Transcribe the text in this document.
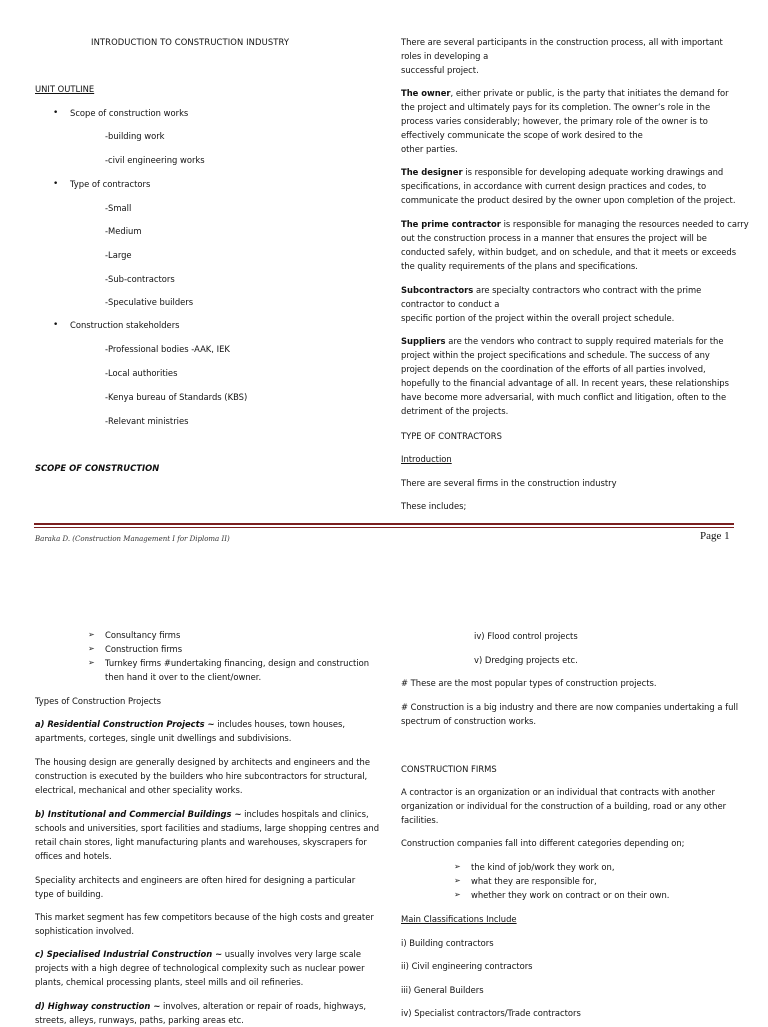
INTRODUCTION TO CONSTRUCTION INDUSTRY
UNIT OUTLINE
• Scope of construction works
-building work
-civil engineering works
• Type of contractors
-Small
-Medium
-Large
-Sub-contractors
-Speculative builders
• Construction stakeholders
-Professional bodies -AAK, IEK
-Local authorities
-Kenya bureau of Standards (KBS)
-Relevant ministries
SCOPE OF CONSTRUCTION

There are several participants in the construction process, all with important

roles in developing a

successful project.

The owner, either private or public, is the party that initiates the demand for

the project and ultimately pays for its completion. The owner’s role in the

process varies considerably; however, the primary role of the owner is to

effectively communicate the scope of work desired to the

other parties.

The designer is responsible for developing adequate working drawings and

specifications, in accordance with current design practices and codes, to

communicate the product desired by the owner upon completion of the project.

The prime contractor is responsible for managing the resources needed to carry

out the construction process in a manner that ensures the project will be

conducted safely, within budget, and on schedule, and that it meets or exceeds

the quality requirements of the plans and specifications.

Subcontractors are specialty contractors who contract with the prime

contractor to conduct a

specific portion of the project within the overall project schedule.

Suppliers are the vendors who contract to supply required materials for the

project within the project specifications and schedule. The success of any

project depends on the coordination of the efforts of all parties involved,

hopefully to the financial advantage of all. In recent years, these relationships

have become more adversarial, with much conflict and litigation, often to the

detriment of the projects.

TYPE OF CONTRACTORS
Introduction
There are several firms in the construction industry
These includes;
Baraka D. (Construction Management I for Diploma II)	Page 1
➢ Consultancy firms
➢ Construction firms
➢ Turnkey firms #undertaking financing, design and construction
then hand it over to the client/owner.
Types of Construction Projects

a) Residential Construction Projects ~ includes houses, town houses,

apartments, corteges, single unit dwellings and subdivisions.

The housing design are generally designed by architects and engineers and the

construction is executed by the builders who hire subcontractors for structural,

electrical, mechanical and other speciality works.

b) Institutional and Commercial Buildings ~ includes hospitals and clinics,

schools and universities, sport facilities and stadiums, large shopping centres and

retail chain stores, light manufacturing plants and warehouses, skyscrapers for

offices and hotels.

Speciality architects and engineers are often hired for designing a particular

type of building.

This market segment has few competitors because of the high costs and greater

sophistication involved.

c) Specialised Industrial Construction ~ usually involves very large scale

projects with a high degree of technological complexity such as nuclear power

plants, chemical processing plants, steel mills and oil refineries.

d) Highway construction ~ involves, alteration or repair of roads, highways,

streets, alleys, runways, paths, parking areas etc.

iv) Flood control projects
v) Dredging projects etc.
# These are the most popular types of construction projects.

# Construction is a big industry and there are now companies undertaking a full

spectrum of construction works.

CONSTRUCTION FIRMS

A contractor is an organization or an individual that contracts with another

organization or individual for the construction of a building, road or any other

facilities.

Construction companies fall into different categories depending on;
➢ the kind of job/work they work on,
➢ what they are responsible for,
➢ whether they work on contract or on their own.
Main Classifications Include
i) Building contractors
ii) Civil engineering contractors
iii) General Builders
iv) Specialist contractors/Trade contractors
